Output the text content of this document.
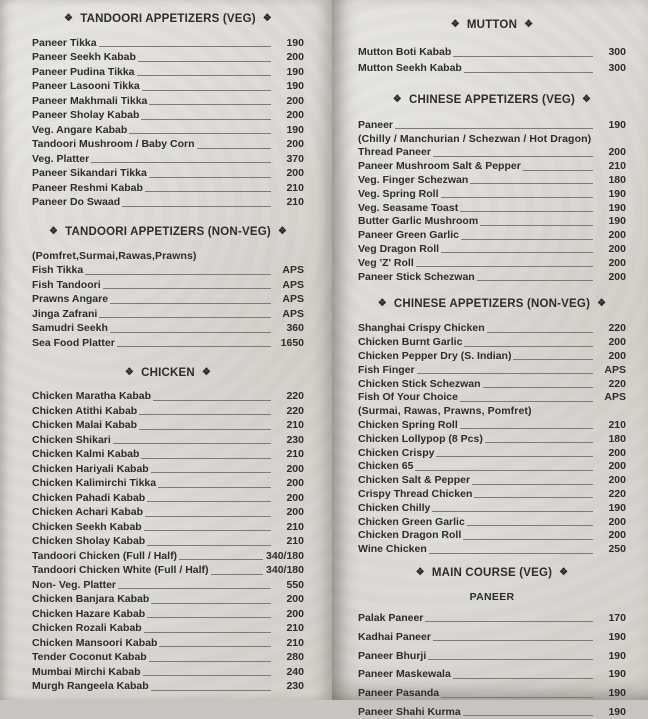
❖ TANDOORI APPETIZERS (VEG) ❖
Paneer Tikka	190
Paneer Seekh Kabab	200
Paneer Pudina Tikka	190
Paneer Lasooni Tikka	190
Paneer Makhmali Tikka	200
Paneer Sholay Kabab	200
Veg. Angare Kabab	190
Tandoori Mushroom / Baby Corn	200
Veg. Platter	370
Paneer Sikandari Tikka	200
Paneer Reshmi Kabab	210
Paneer Do Swaad	210
❖ TANDOORI APPETIZERS (NON-VEG) ❖
(Pomfret,Surmai,Rawas,Prawns)
Fish Tikka	APS
Fish Tandoori	APS
Prawns Angare	APS
Jinga Zafrani	APS
Samudri Seekh	360
Sea Food Platter	1650
❖ CHICKEN ❖
Chicken Maratha Kabab	220
Chicken Atithi Kabab	220
Chicken Malai Kabab	210
Chicken Shikari	230
Chicken Kalmi Kabab	210
Chicken Hariyali Kabab	200
Chicken Kalimirchi Tikka	200
Chicken Pahadi Kabab	200
Chicken Achari Kabab	200
Chicken Seekh Kabab	210
Chicken Sholay Kabab	210
Tandoori Chicken (Full / Half)	340/180
Tandoori Chicken White (Full / Half)	340/180
Non- Veg. Platter	550
Chicken Banjara Kabab	200
Chicken Hazare Kabab	200
Chicken Rozali Kabab	210
Chicken Mansoori Kabab	210
Tender Coconut Kabab	280
Mumbai Mirchi Kabab	240
Murgh Rangeela Kabab	230
❖ MUTTON ❖
Mutton Boti Kabab	300
Mutton Seekh Kabab	300
❖ CHINESE APPETIZERS (VEG) ❖
Paneer	190
(Chilly / Manchurian / Schezwan / Hot Dragon)
Thread Paneer	200
Paneer Mushroom Salt & Pepper	210
Veg. Finger Schezwan	180
Veg. Spring Roll	190
Veg. Seasame Toast	190
Butter Garlic Mushroom	190
Paneer Green Garlic	200
Veg Dragon Roll	200
Veg 'Z' Roll	200
Paneer Stick Schezwan	200
❖ CHINESE APPETIZERS (NON-VEG) ❖
Shanghai Crispy Chicken	220
Chicken Burnt Garlic	200
Chicken Pepper Dry (S. Indian)	200
Fish Finger	APS
Chicken Stick Schezwan	220
Fish Of Your Choice	APS
(Surmai, Rawas, Prawns, Pomfret)
Chicken Spring Roll	210
Chicken Lollypop (8 Pcs)	180
Chicken Crispy	200
Chicken 65	200
Chicken Salt & Pepper	200
Crispy Thread Chicken	220
Chicken Chilly	190
Chicken Green Garlic	200
Chicken Dragon Roll	200
Wine Chicken	250
❖ MAIN COURSE (VEG) ❖
PANEER
Palak Paneer	170
Kadhai Paneer	190
Paneer Bhurji	190
Paneer Maskewala	190
Paneer Pasanda	190
Paneer Shahi Kurma	190
